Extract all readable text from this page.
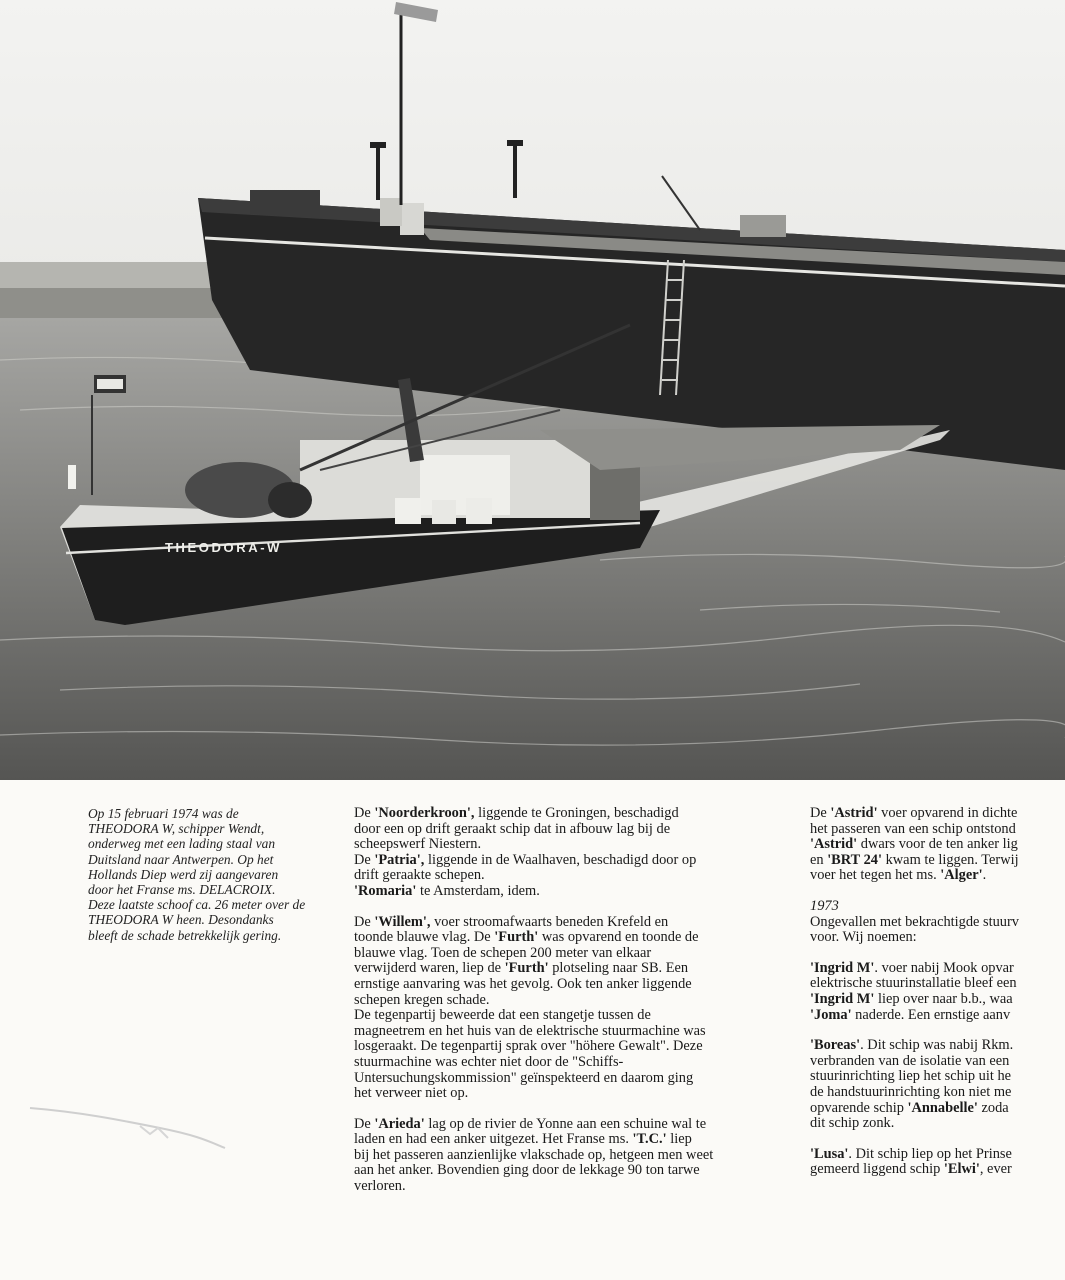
THEODORA-W
Op 15 februari 1974 was de
THEODORA W, schipper Wendt,
onderweg met een lading staal van
Duitsland naar Antwerpen. Op het
Hollands Diep werd zij aangevaren
door het Franse ms. DELACROIX.
Deze laatste schoof ca. 26 meter over de
THEODORA W heen. Desondanks
bleeft de schade betrekkelijk gering.

De 'Noorderkroon', liggende te Groningen, beschadigd
door een op drift geraakt schip dat in afbouw lag bij de
scheepswerf Niestern.
De 'Patria', liggende in de Waalhaven, beschadigd door op
drift geraakte schepen.
'Romaria' te Amsterdam, idem.

De 'Willem', voer stroomafwaarts beneden Krefeld en
toonde blauwe vlag. De 'Furth' was opvarend en toonde de
blauwe vlag. Toen de schepen 200 meter van elkaar
verwijderd waren, liep de 'Furth' plotseling naar SB. Een
ernstige aanvaring was het gevolg. Ook ten anker liggende
schepen kregen schade.
De tegenpartij beweerde dat een stangetje tussen de
magneetrem en het huis van de elektrische stuurmachine was
losgeraakt. De tegenpartij sprak over "höhere Gewalt". Deze
stuurmachine was echter niet door de "Schiffs-
Untersuchungskommission" geïnspekteerd en daarom ging
het verweer niet op.

De 'Arieda' lag op de rivier de Yonne aan een schuine wal te
laden en had een anker uitgezet. Het Franse ms. 'T.C.' liep
bij het passeren aanzienlijke vlakschade op, hetgeen men weet
aan het anker. Bovendien ging door de lekkage 90 ton tarwe
verloren.

De 'Astrid' voer opvarend in dichte
het passeren van een schip ontstond
'Astrid' dwars voor de ten anker lig
en 'BRT 24' kwam te liggen. Terwij
voer het tegen het ms. 'Alger'.

1973
Ongevallen met bekrachtigde stuurv
voor. Wij noemen:

'Ingrid M'. voer nabij Mook opvar
elektrische stuurinstallatie bleef een
'Ingrid M' liep over naar b.b., waa
'Joma' naderde. Een ernstige aanv

'Boreas'. Dit schip was nabij Rkm.
verbranden van de isolatie van een
stuurinrichting liep het schip uit he
de handstuurinrichting kon niet me
opvarende schip 'Annabelle' zoda
dit schip zonk.

'Lusa'. Dit schip liep op het Prinse
gemeerd liggend schip 'Elwi', ever
